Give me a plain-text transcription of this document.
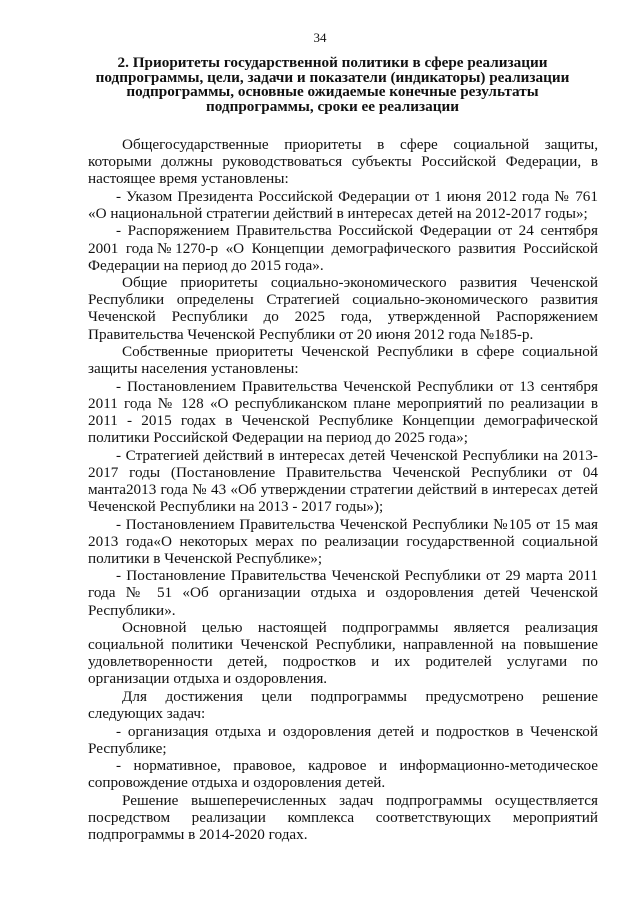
34
2. Приоритеты государственной политики в сфере реализации
подпрограммы, цели, задачи и показатели (индикаторы) реализации
подпрограммы, основные ожидаемые конечные результаты
подпрограммы, сроки ее реализации

Общегосударственные приоритеты в сфере социальной защиты, которыми должны руководствоваться субъекты Российской Федерации, в настоящее время установлены:

- Указом Президента Российской Федерации от 1 июня 2012 года № 761 «О национальной стратегии действий в интересах детей на 2012-2017 годы»;

- Распоряжением Правительства Российской Федерации от 24 сентября 2001 года№1270-р «О Концепции демографического развития Российской Федерации на период до 2015 года».

Общие приоритеты социально-экономического развития Чеченской Республики определены Стратегией социально-экономического развития Чеченской Республики до 2025 года, утвержденной Распоряжением Правительства Чеченской Республики от 20 июня 2012 года №185-р.

Собственные приоритеты Чеченской Республики в сфере социальной защиты населения установлены:

- Постановлением Правительства Чеченской Республики от 13 сентября 2011 года № 128 «О республиканском плане мероприятий по реализации в 2011 - 2015 годах в Чеченской Республике Концепции демографической политики Российской Федерации на период до 2025 года»;

- Стратегией действий в интересах детей Чеченской Республики на 2013-2017 годы (Постановление Правительства Чеченской Республики от 04 манта2013 года № 43 «Об утверждении стратегии действий в интересах детей Чеченской Республики на 2013 - 2017 годы»);

- Постановлением Правительства Чеченской Республики №105 от 15 мая 2013 года«О некоторых мерах по реализации государственной социальной политики в Чеченской Республике»;

- Постановление Правительства Чеченской Республики от 29 марта 2011 года № 51 «Об организации отдыха и оздоровления детей Чеченской Республики».

Основной целью настоящей подпрограммы является реализация социальной политики Чеченской Республики, направленной на повышение удовлетворенности детей, подростков и их родителей услугами по организации отдыха и оздоровления.

Для достижения цели подпрограммы предусмотрено решение следующих задач:

- организация отдыха и оздоровления детей и подростков в Чеченской Республике;

- нормативное, правовое, кадровое и информационно-методическое сопровождение отдыха и оздоровления детей.

Решение вышеперечисленных задач подпрограммы осуществляется посредством реализации комплекса соответствующих мероприятий подпрограммы в 2014-2020 годах.
